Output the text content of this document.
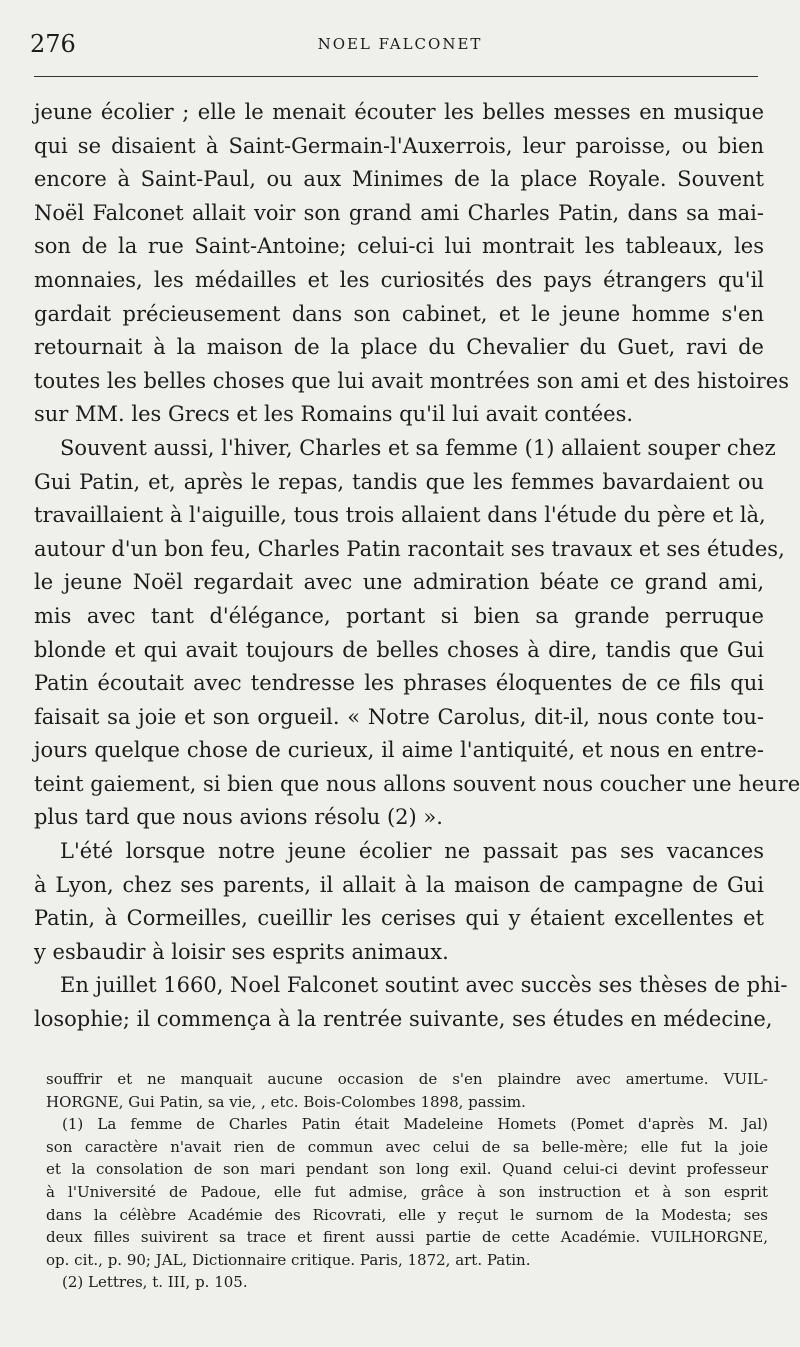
276	NOEL FALCONET
jeune écolier ; elle le menait écouter les belles messes en musique
qui se disaient à Saint-Germain-l'Auxerrois, leur paroisse, ou bien
encore à Saint-Paul, ou aux Minimes de la place Royale. Souvent
Noël Falconet allait voir son grand ami Charles Patin, dans sa mai-
son de la rue Saint-Antoine; celui-ci lui montrait les tableaux, les
monnaies, les médailles et les curiosités des pays étrangers qu'il
gardait précieusement dans son cabinet, et le jeune homme s'en
retournait à la maison de la place du Chevalier du Guet, ravi de
toutes les belles choses que lui avait montrées son ami et des histoires
sur MM. les Grecs et les Romains qu'il lui avait contées.
Souvent aussi, l'hiver, Charles et sa femme (1) allaient souper chez
Gui Patin, et, après le repas, tandis que les femmes bavardaient ou
travaillaient à l'aiguille, tous trois allaient dans l'étude du père et là,
autour d'un bon feu, Charles Patin racontait ses travaux et ses études,
le jeune Noël regardait avec une admiration béate ce grand ami,
mis avec tant d'élégance, portant si bien sa grande perruque
blonde et qui avait toujours de belles choses à dire, tandis que Gui
Patin écoutait avec tendresse les phrases éloquentes de ce fils qui
faisait sa joie et son orgueil. « Notre Carolus, dit-il, nous conte tou-
jours quelque chose de curieux, il aime l'antiquité, et nous en entre-
teint gaiement, si bien que nous allons souvent nous coucher une heure
plus tard que nous avions résolu (2) ».
L'été lorsque notre jeune écolier ne passait pas ses vacances
à Lyon, chez ses parents, il allait à la maison de campagne de Gui
Patin, à Cormeilles, cueillir les cerises qui y étaient excellentes et
y esbaudir à loisir ses esprits animaux.
En juillet 1660, Noel Falconet soutint avec succès ses thèses de phi-
losophie; il commença à la rentrée suivante, ses études en médecine,
souffrir et ne manquait aucune occasion de s'en plaindre avec amertume. VUIL-
HORGNE, Gui Patin, sa vie, , etc. Bois-Colombes 1898, passim.
(1) La femme de Charles Patin était Madeleine Homets (Pomet d'après M. Jal)
son caractère n'avait rien de commun avec celui de sa belle-mère; elle fut la joie
et la consolation de son mari pendant son long exil. Quand celui-ci devint professeur
à l'Université de Padoue, elle fut admise, grâce à son instruction et à son esprit
dans la célèbre Académie des Ricovrati, elle y reçut le surnom de la Modesta; ses
deux filles suivirent sa trace et firent aussi partie de cette Académie. VUILHORGNE,
op. cit., p. 90; JAL, Dictionnaire critique. Paris, 1872, art. Patin.
(2) Lettres, t. III, p. 105.
